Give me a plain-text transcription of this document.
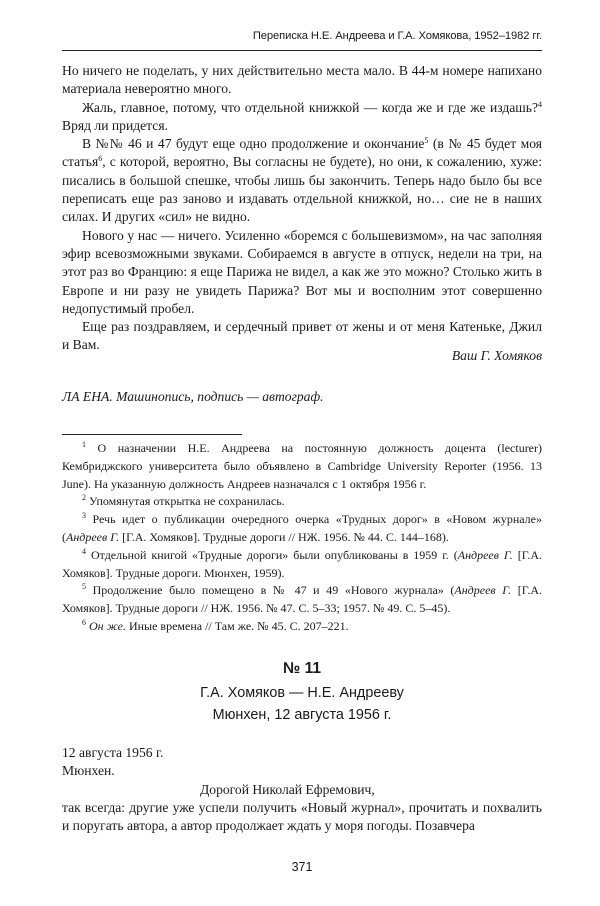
Переписка Н.Е. Андреева и Г.А. Хомякова, 1952–1982 гг.

Но ничего не поделать, у них действительно места мало. В 44-м номере напихано материала невероятно много.

Жаль, главное, потому, что отдельной книжкой — когда же и где же издашь?$^4$ Вряд ли придется.

В №№ 46 и 47 будут еще одно продолжение и окончание$^5$ (в № 45 будет моя статья$^6$, с которой, вероятно, Вы согласны не будете), но они, к сожалению, хуже: писались в большой спешке, чтобы лишь бы закончить. Теперь надо было бы все переписать еще раз заново и издавать отдельной книжкой, но… сие не в наших силах. И других «сил» не видно.

Нового у нас — ничего. Усиленно «боремся с большевизмом», на час заполняя эфир всевозможными звуками. Собираемся в августе в отпуск, недели на три, на этот раз во Францию: я еще Парижа не видел, а как же это можно? Столько жить в Европе и ни разу не увидеть Парижа? Вот мы и восполним этот совершенно недопустимый пробел.

Еще раз поздравляем, и сердечный привет от жены и от меня Катеньке, Джил и Вам.

Ваш Г. Хомяков
ЛА ЕНА. Машинопись, подпись — автограф.

$^1$ О назначении Н.Е. Андреева на постоянную должность доцента (lecturer) Кембриджского университета было объявлено в Cambridge University Reporter (1956. 13 June). На указанную должность Андреев назначался с 1 октября 1956 г.

$^2$ Упомянутая открытка не сохранилась.

$^3$ Речь идет о публикации очередного очерка «Трудных дорог» в «Новом журнале» (Андреев Г. [Г.А. Хомяков]. Трудные дороги // НЖ. 1956. № 44. С. 144–168).

$^4$ Отдельной книгой «Трудные дороги» были опубликованы в 1959 г. (Андреев Г. [Г.А. Хомяков]. Трудные дороги. Мюнхен, 1959).

$^5$ Продолжение было помещено в № 47 и 49 «Нового журнала» (Андреев Г. [Г.А. Хомяков]. Трудные дороги // НЖ. 1956. № 47. С. 5–33; 1957. № 49. С. 5–45).

$^6$ Он же. Иные времена // Там же. № 45. С. 207–221.

№ 11
Г.А. Хомяков — Н.Е. Андрееву
Мюнхен, 12 августа 1956 г.

12 августа 1956 г.

Мюнхен.

Дорогой Николай Ефремович,

так всегда: другие уже успели получить «Новый журнал», прочитать и похвалить и поругать автора, а автор продолжает ждать у моря погоды. Позавчера

371
